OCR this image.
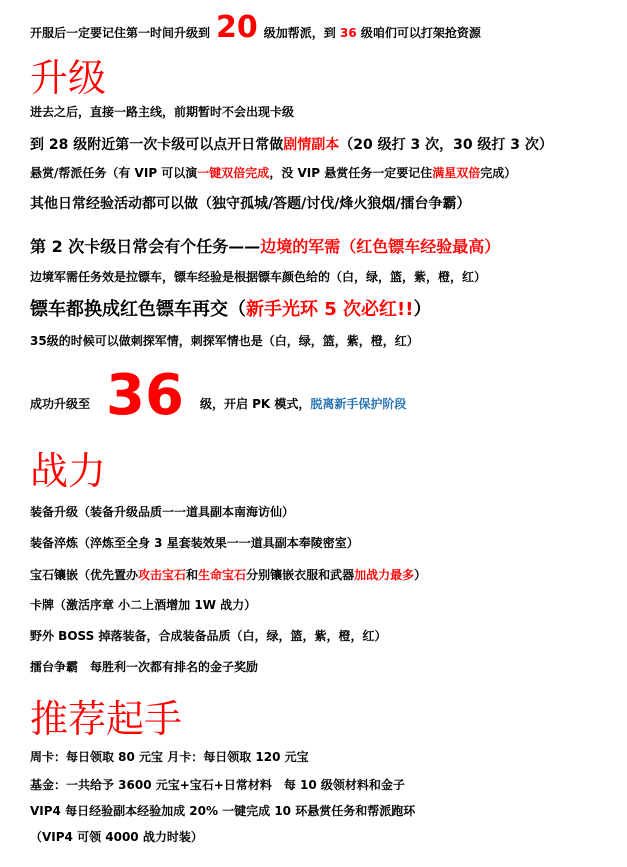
开服后一定要记住第一时间升级到 20 级加帮派，到 36 级咱们可以打架抢资源
升级
进去之后，直接一路主线，前期暂时不会出现卡级
到 28 级附近第一次卡级可以点开日常做剧情副本（20 级打 3 次，30 级打 3 次）
悬赏/帮派任务（有 VIP 可以演一键双倍完成，没 VIP 悬赏任务一定要记住满星双倍完成）
其他日常经验活动都可以做（独守孤城/答题/讨伐/烽火狼烟/擂台争霸）
第 2 次卡级日常会有个任务——边境的军需（红色镖车经验最高）
边境军需任务效是拉镖车，镖车经验是根据镖车颜色给的（白，绿，篮，紫，橙，红）
镖车都换成红色镖车再交（新手光环 5 次必红!!）
35级的时候可以做刺探军情，刺探军情也是（白，绿，篮，紫，橙，红）
成功升级至 36 级，开启 PK 模式，脱离新手保护阶段
战力
装备升级（装备升级品质一一道具副本南海访仙）
装备淬炼（淬炼至全身 3 星套装效果一一道具副本奉陵密室）
宝石镶嵌（优先置办攻击宝石和生命宝石分别镶嵌衣服和武器加战力最多）
卡牌（激活序章 小二上酒增加 1W 战力）
野外 BOSS 掉落装备，合成装备品质（白，绿，篮，紫，橙，红）
擂台争霸　每胜利一次都有排名的金子奖励
推荐起手
周卡：每日领取 80 元宝 月卡：每日领取 120 元宝
基金：一共给予 3600 元宝+宝石+日常材料　每 10 级领材料和金子
VIP4 每日经验副本经验加成 20% 一键完成 10 环悬赏任务和帮派跑环
（VIP4 可领 4000 战力时装）
